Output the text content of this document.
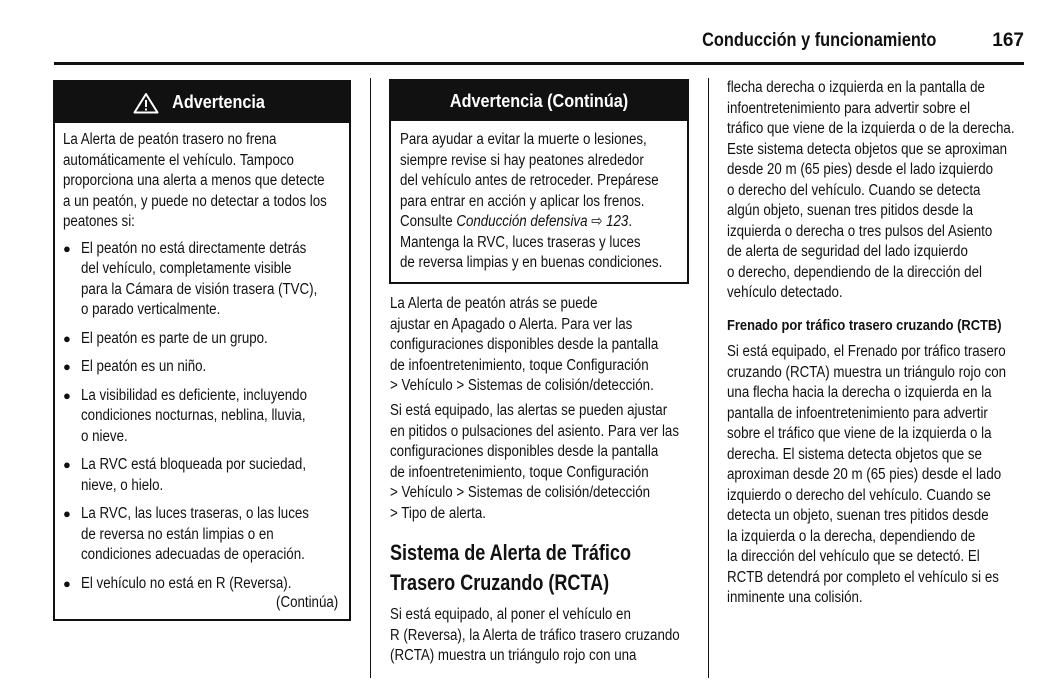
Conducción y funcionamiento	167
Advertencia
La Alerta de peatón trasero no frena
automáticamente el vehículo. Tampoco
proporciona una alerta a menos que detecte
a un peatón, y puede no detectar a todos los
peatones si:
● El peatón no está directamente detrás
del vehículo, completamente visible
para la Cámara de visión trasera (TVC),
o parado verticalmente.
● El peatón es parte de un grupo.
● El peatón es un niño.
● La visibilidad es deficiente, incluyendo
condiciones nocturnas, neblina, lluvia,
o nieve.
● La RVC está bloqueada por suciedad,
nieve, o hielo.
● La RVC, las luces traseras, o las luces
de reversa no están limpias o en
condiciones adecuadas de operación.
● El vehículo no está en R (Reversa).
(Continúa)
Advertencia (Continúa)
Para ayudar a evitar la muerte o lesiones,
siempre revise si hay peatones alrededor
del vehículo antes de retroceder. Prepárese
para entrar en acción y aplicar los frenos.
Consulte Conducción defensiva ⇨ 123.
Mantenga la RVC, luces traseras y luces
de reversa limpias y en buenas condiciones.
La Alerta de peatón atrás se puede
ajustar en Apagado o Alerta. Para ver las
configuraciones disponibles desde la pantalla
de infoentretenimiento, toque Configuración
> Vehículo > Sistemas de colisión/detección.
Si está equipado, las alertas se pueden ajustar
en pitidos o pulsaciones del asiento. Para ver las
configuraciones disponibles desde la pantalla
de infoentretenimiento, toque Configuración
> Vehículo > Sistemas de colisión/detección
> Tipo de alerta.
Sistema de Alerta de Tráfico
Trasero Cruzando (RCTA)
Si está equipado, al poner el vehículo en
R (Reversa), la Alerta de tráfico trasero cruzando
(RCTA) muestra un triángulo rojo con una
flecha derecha o izquierda en la pantalla de
infoentretenimiento para advertir sobre el
tráfico que viene de la izquierda o de la derecha.
Este sistema detecta objetos que se aproximan
desde 20 m (65 pies) desde el lado izquierdo
o derecho del vehículo. Cuando se detecta
algún objeto, suenan tres pitidos desde la
izquierda o derecha o tres pulsos del Asiento
de alerta de seguridad del lado izquierdo
o derecho, dependiendo de la dirección del
vehículo detectado.
Frenado por tráfico trasero cruzando (RCTB)
Si está equipado, el Frenado por tráfico trasero
cruzando (RCTA) muestra un triángulo rojo con
una flecha hacia la derecha o izquierda en la
pantalla de infoentretenimiento para advertir
sobre el tráfico que viene de la izquierda o la
derecha. El sistema detecta objetos que se
aproximan desde 20 m (65 pies) desde el lado
izquierdo o derecho del vehículo. Cuando se
detecta un objeto, suenan tres pitidos desde
la izquierda o la derecha, dependiendo de
la dirección del vehículo que se detectó. El
RCTB detendrá por completo el vehículo si es
inminente una colisión.
